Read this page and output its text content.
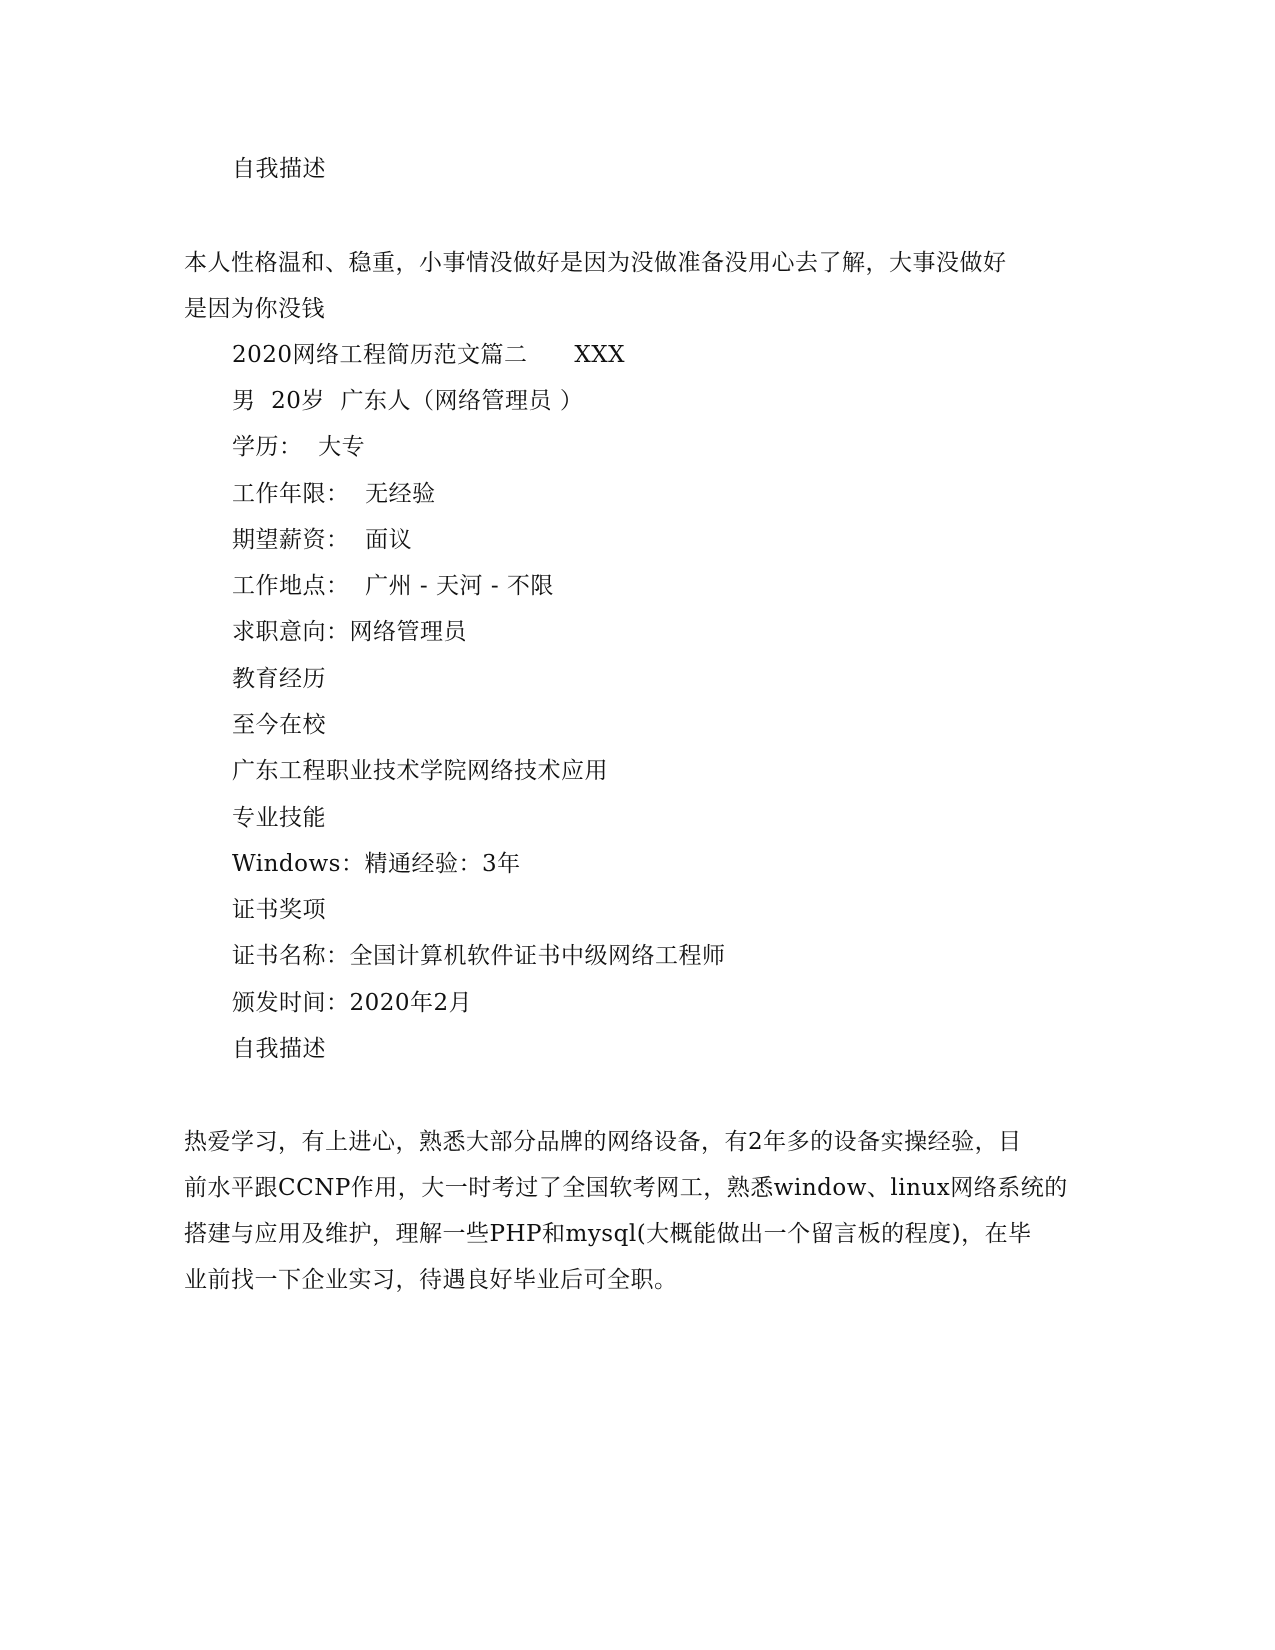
自我描述
本人性格温和、稳重，小事情没做好是因为没做准备没用心去了解，大事没做好
是因为你没钱
2020网络工程简历范文篇二      XXX
男  20岁  广东人（网络管理员 ）
学历：  大专
工作年限：  无经验
期望薪资：  面议
工作地点：  广州 - 天河 - 不限
求职意向：网络管理员
教育经历
至今在校
广东工程职业技术学院网络技术应用
专业技能
Windows：精通经验：3年
证书奖项
证书名称：全国计算机软件证书中级网络工程师
颁发时间：2020年2月
自我描述
热爱学习，有上进心，熟悉大部分品牌的网络设备，有2年多的设备实操经验，目
前水平跟CCNP作用，大一时考过了全国软考网工，熟悉window、linux网络系统的
搭建与应用及维护，理解一些PHP和mysql(大概能做出一个留言板的程度)，在毕
业前找一下企业实习，待遇良好毕业后可全职。
